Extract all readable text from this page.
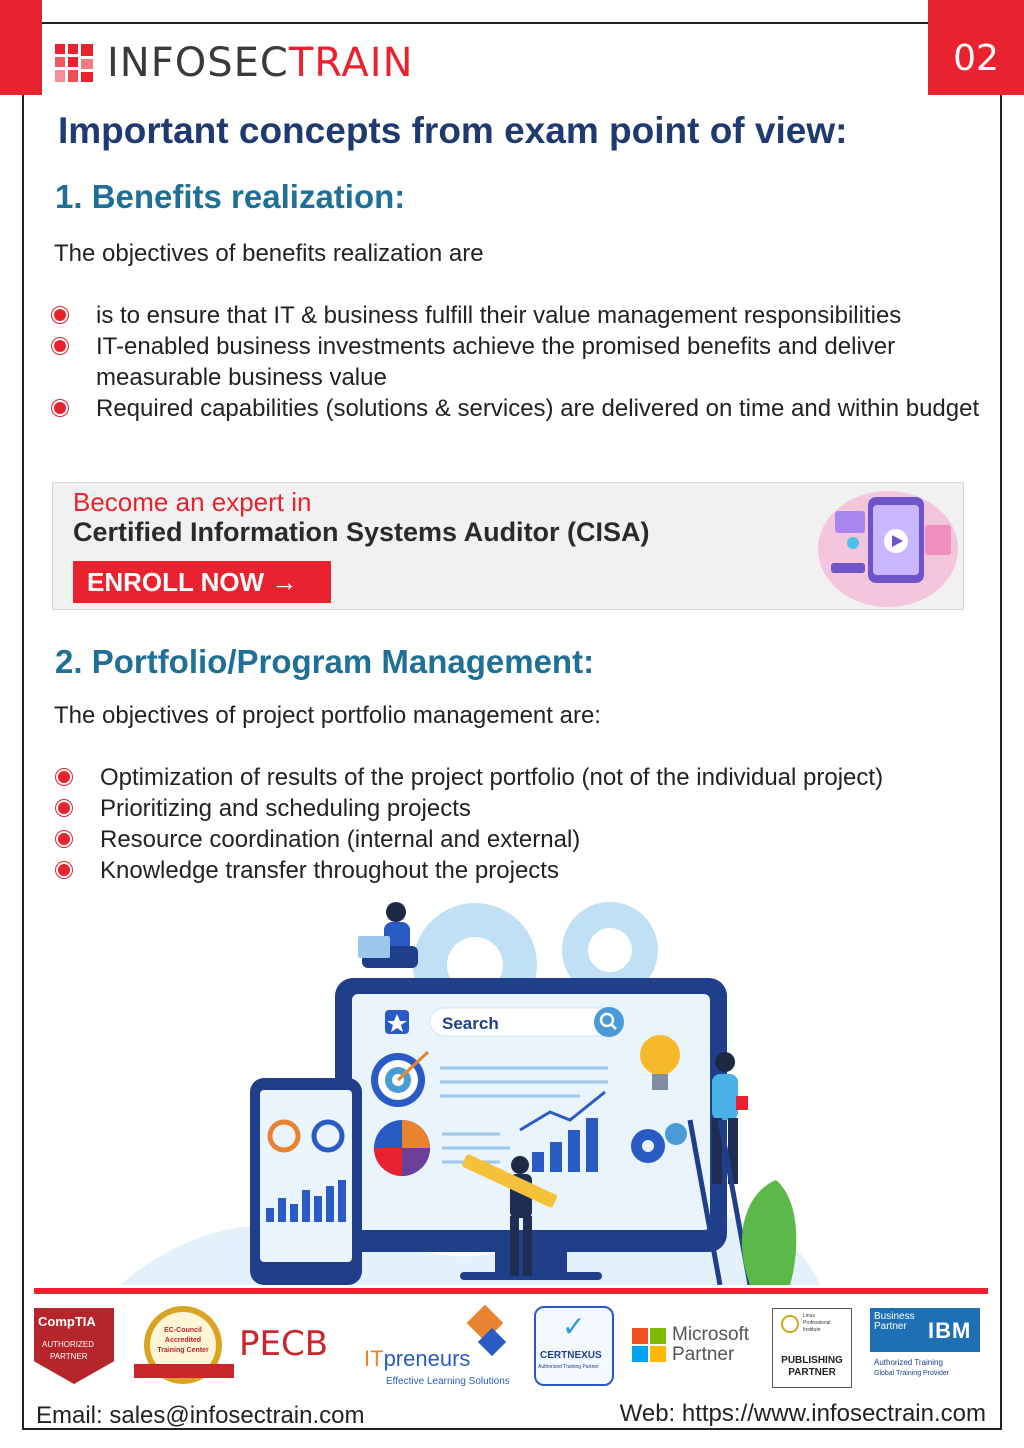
02
INFOSECTRAIN
Important concepts from exam point of view:
1. Benefits realization:
The objectives of benefits realization are
is to ensure that IT & business fulfill their value management responsibilities
IT-enabled business investments achieve the promised benefits and deliver measurable business value
Required capabilities (solutions & services) are delivered on time and within budget
Become an expert in
Certified Information Systems Auditor (CISA)
ENROLL NOW →
2. Portfolio/Program Management:
The objectives of project portfolio management are:
Optimization of results of the project portfolio (not of the individual project)
Prioritizing and scheduling projects
Resource coordination (internal and external)
Knowledge transfer throughout the projects
Search
CompTIA
AUTHORIZED
PARTNER
EC-Council
Accredited
Training Center PECB ITpreneurs
Effective Learning Solutions
✓
CERTNEXUS
Authorized Training Partner
Microsoft
Partner
Linux
Professional
Institute
PUBLISHING
PARTNER
Business
Partner IBM
Authorized Training
Global Training Provider
Email: sales@infosectrain.com	Web: https://www.infosectrain.com
